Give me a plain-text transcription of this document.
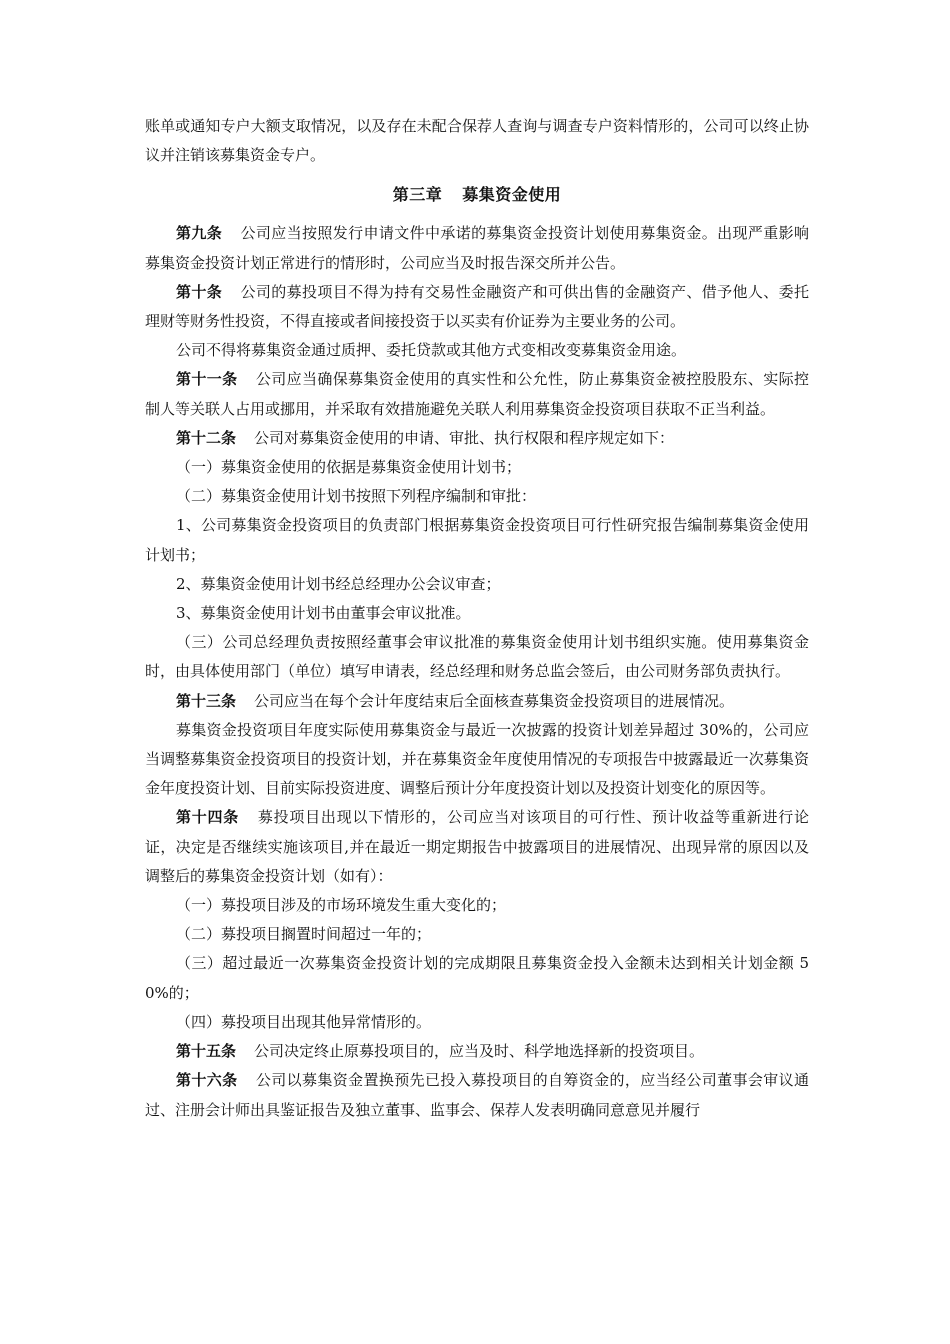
账单或通知专户大额支取情况，以及存在未配合保荐人查询与调查专户资料情形的，公司可以终止协议并注销该募集资金专户。

第三章 募集资金使用

第九条 公司应当按照发行申请文件中承诺的募集资金投资计划使用募集资金。出现严重影响募集资金投资计划正常进行的情形时，公司应当及时报告深交所并公告。

第十条 公司的募投项目不得为持有交易性金融资产和可供出售的金融资产、借予他人、委托理财等财务性投资，不得直接或者间接投资于以买卖有价证券为主要业务的公司。

公司不得将募集资金通过质押、委托贷款或其他方式变相改变募集资金用途。

第十一条 公司应当确保募集资金使用的真实性和公允性，防止募集资金被控股股东、实际控制人等关联人占用或挪用，并采取有效措施避免关联人利用募集资金投资项目获取不正当利益。

第十二条 公司对募集资金使用的申请、审批、执行权限和程序规定如下：

（一）募集资金使用的依据是募集资金使用计划书；

（二）募集资金使用计划书按照下列程序编制和审批：

1、公司募集资金投资项目的负责部门根据募集资金投资项目可行性研究报告编制募集资金使用计划书；

2、募集资金使用计划书经总经理办公会议审查；

3、募集资金使用计划书由董事会审议批准。

（三）公司总经理负责按照经董事会审议批准的募集资金使用计划书组织实施。使用募集资金时，由具体使用部门（单位）填写申请表，经总经理和财务总监会签后，由公司财务部负责执行。

第十三条 公司应当在每个会计年度结束后全面核查募集资金投资项目的进展情况。

募集资金投资项目年度实际使用募集资金与最近一次披露的投资计划差异超过 30%的，公司应当调整募集资金投资项目的投资计划，并在募集资金年度使用情况的专项报告中披露最近一次募集资金年度投资计划、目前实际投资进度、调整后预计分年度投资计划以及投资计划变化的原因等。

第十四条 募投项目出现以下情形的，公司应当对该项目的可行性、预计收益等重新进行论证，决定是否继续实施该项目,并在最近一期定期报告中披露项目的进展情况、出现异常的原因以及调整后的募集资金投资计划（如有）：

（一）募投项目涉及的市场环境发生重大变化的；

（二）募投项目搁置时间超过一年的；

（三）超过最近一次募集资金投资计划的完成期限且募集资金投入金额未达到相关计划金额 50%的；

（四）募投项目出现其他异常情形的。

第十五条 公司决定终止原募投项目的，应当及时、科学地选择新的投资项目。

第十六条 公司以募集资金置换预先已投入募投项目的自筹资金的，应当经公司董事会审议通过、注册会计师出具鉴证报告及独立董事、监事会、保荐人发表明确同意意见并履行
